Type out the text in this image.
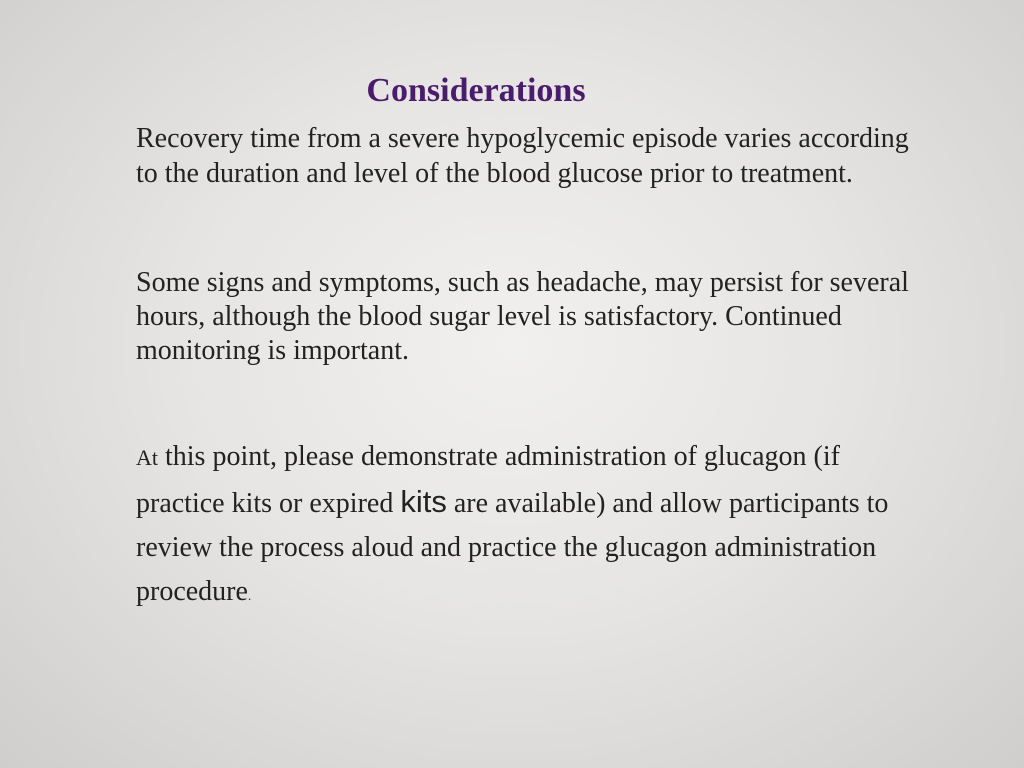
Considerations

Recovery time from a severe hypoglycemic episode varies according to the duration and level of the blood glucose prior to treatment.

Some signs and symptoms, such as headache, may persist for several hours, although the blood sugar level is satisfactory. Continued monitoring is important.

At this point, please demonstrate administration of glucagon (if practice kits or expired kits are available) and allow participants to review the process aloud and practice the glucagon administration procedure.
